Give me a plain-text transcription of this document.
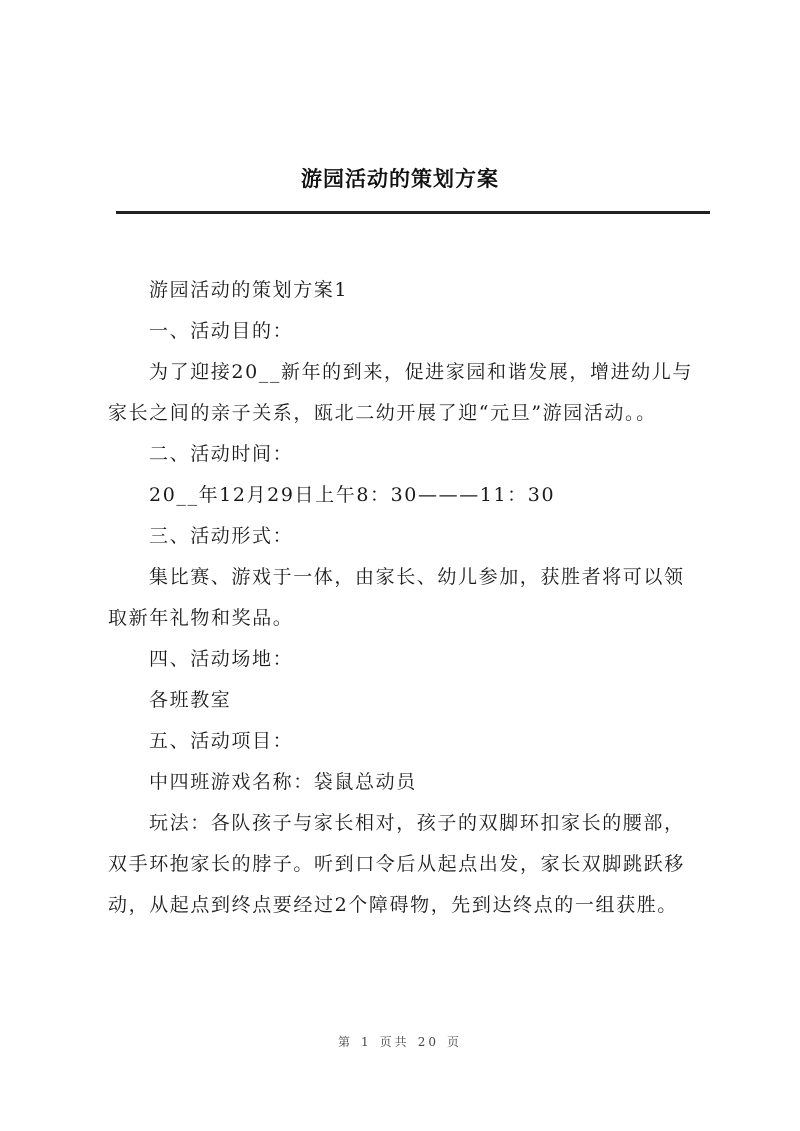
游园活动的策划方案

游园活动的策划方案1

一、活动目的：

为了迎接20__新年的到来，促进家园和谐发展，增进幼儿与家长之间的亲子关系，瓯北二幼开展了迎“元旦”游园活动。。

二、活动时间：

20__年12月29日上午8：30———11：30

三、活动形式：

集比赛、游戏于一体，由家长、幼儿参加，获胜者将可以领取新年礼物和奖品。

四、活动场地：

各班教室

五、活动项目：

中四班游戏名称：袋鼠总动员

玩法：各队孩子与家长相对，孩子的双脚环扣家长的腰部，双手环抱家长的脖子。听到口令后从起点出发，家长双脚跳跃移动，从起点到终点要经过2个障碍物，先到达终点的一组获胜。

第 1 页共 20 页
